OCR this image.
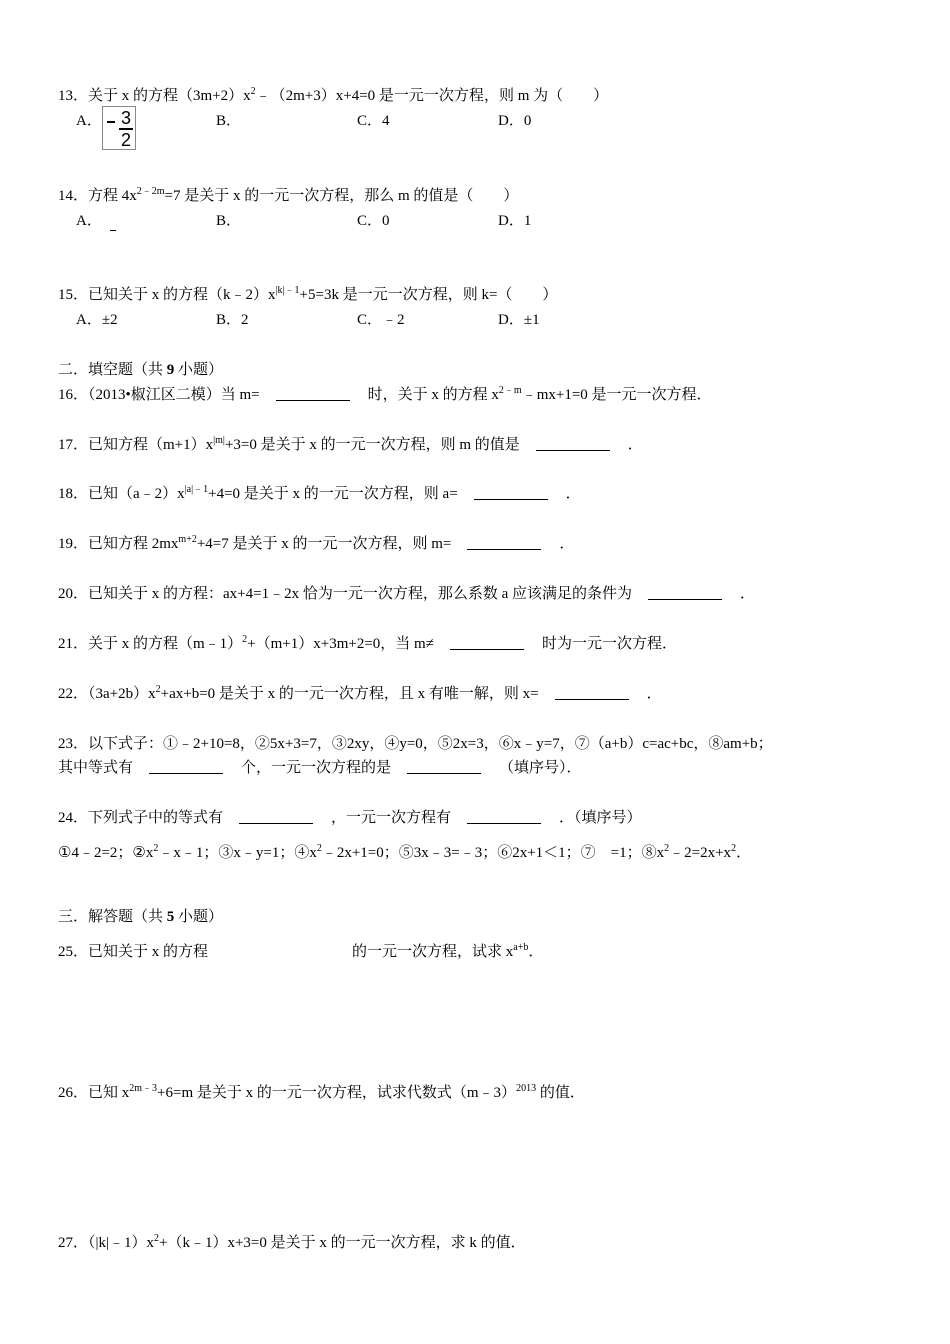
13．关于 x 的方程$(3m+2)x^2﹣(2m+3)x+4=0$ 是一元一次方程，则 m 为（　　）
A． $\frac{3}{2}$	B．	C．4	D．0
14．方程 $4x^{2﹣2m}=7$ 是关于 x 的一元一次方程，那么 m 的值是（　　）
A．	B．	C．0	D．1
15．已知关于 x 的方程$(k﹣2)x^{|k|﹣1}+5=3k$ 是一元一次方程，则 k=（　　）
A．±2	B．2	C．﹣2	D．±1
二．填空题（共 9 小题）
16．（2013•椒江区二模）当 m=	时，关于 x 的方程 $x^{2﹣m}﹣mx+1=0$ 是一元一次方程．
17．已知方程$(m+1)x^{|m|}+3=0$ 是关于 x 的一元一次方程，则 m 的值是	．
18．已知$(a﹣2)x^{|a|﹣1}+4=0$ 是关于 x 的一元一次方程，则 a=	．
19．已知方程 $2mx^{m+2}+4=7$ 是关于 x 的一元一次方程，则 m=	．
20．已知关于 x 的方程：ax+4=1﹣2x 恰为一元一次方程，那么系数 a 应该满足的条件为	．
21．关于 x 的方程（m﹣1）$^2$+（m+1）x+3m+2=0，当 m≠	时为一元一次方程．
22．$(3a+2b)x^2+ax+b=0$ 是关于 x 的一元一次方程，且 x 有唯一解，则 x=	．
23．以下式子：①﹣2+10=8，②5x+3=7，③2xy，④y=0，⑤2x=3，⑥x﹣y=7，⑦（a+b）c=ac+bc，⑧am+b；
其中等式有	个，一元一次方程的是	（填序号）．
24．下列式子中的等式有	，一元一次方程有	．（填序号）
①4﹣2=2；$②x^2﹣x﹣1$；③x﹣y=1；$④x^2﹣2x+1=0$；⑤3x﹣3=﹣3；⑥2x+1＜1；⑦　=1；$⑧x^2﹣2=2x+x^2$．
三．解答题（共 5 小题）
25．已知关于 x 的方程	的一元一次方程，试求 $x^{a+b}$．
26．已知 $x^{2m﹣3}+6=m$ 是关于 x 的一元一次方程，试求代数式（m﹣3）$^{2013}$ 的值．
27．$(|k|﹣1)x^2+(k﹣1)x+3=0$ 是关于 x 的一元一次方程，求 k 的值．
